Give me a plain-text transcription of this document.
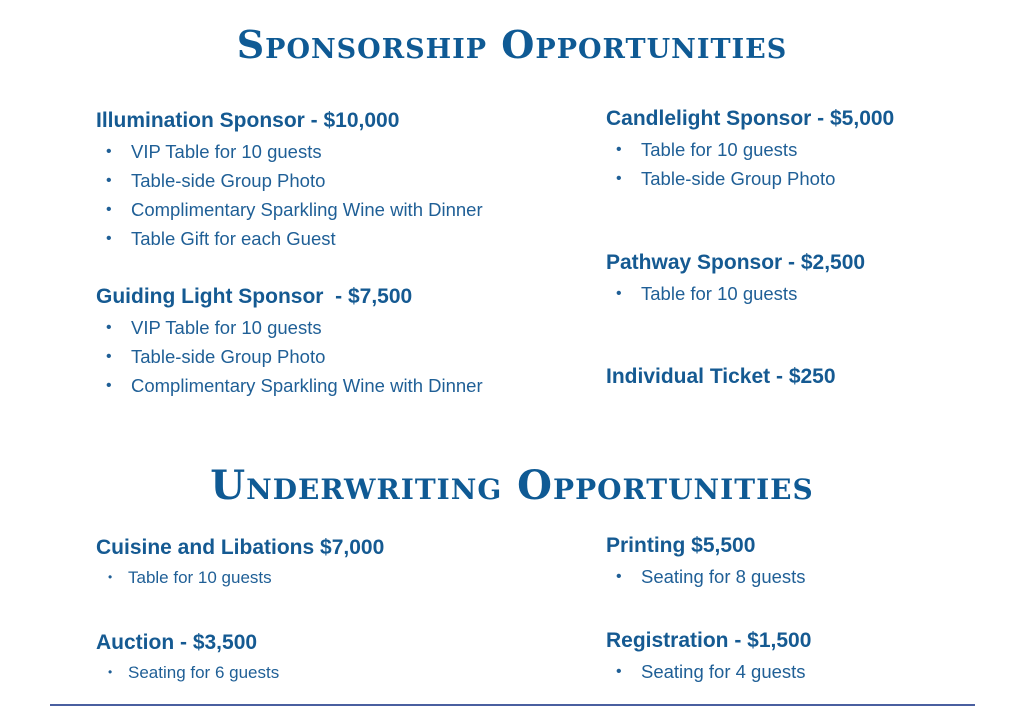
Sponsorship Opportunities
Illumination Sponsor - $10,000
• VIP Table for 10 guests
• Table-side Group Photo
• Complimentary Sparkling Wine with Dinner
• Table Gift for each Guest
Guiding Light Sponsor  - $7,500
• VIP Table for 10 guests
• Table-side Group Photo
• Complimentary Sparkling Wine with Dinner
Candlelight Sponsor - $5,000
• Table for 10 guests
• Table-side Group Photo
Pathway Sponsor - $2,500
• Table for 10 guests
Individual Ticket - $250
Underwriting Opportunities
Cuisine and Libations $7,000
• Table for 10 guests
Printing $5,500
• Seating for 8 guests
Auction - $3,500
• Seating for 6 guests
Registration - $1,500
• Seating for 4 guests
